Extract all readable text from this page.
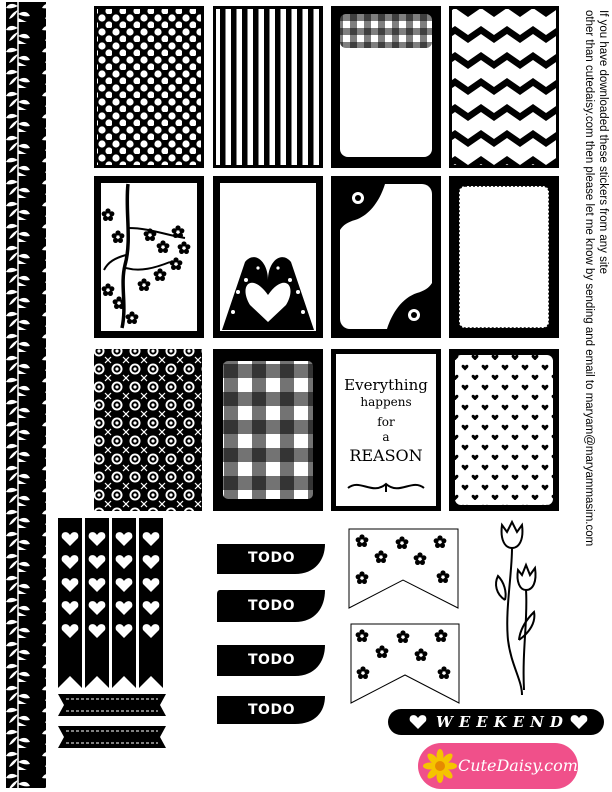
Everything
happens
for
a
REASON
TODO
TODO
TODO
TODO
WEEKEND
CuteDaisy.com
If you have downloaded these stickers from any site
other than cutedaisy.com then please let me know by sending and email to maryam@maryammasim.com
